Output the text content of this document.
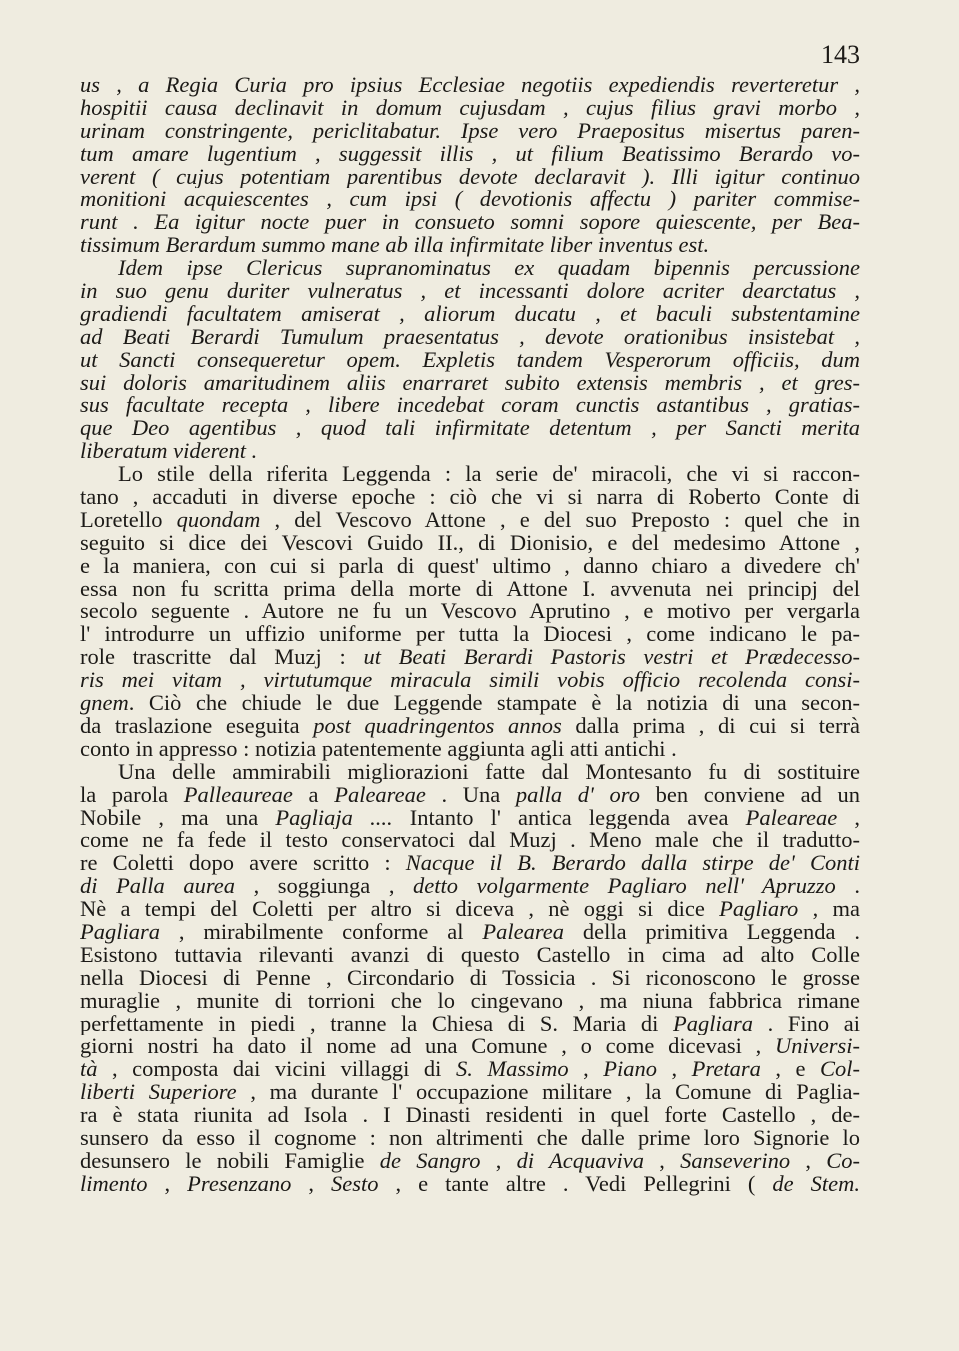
143
us , a Regia Curia pro ipsius Ecclesiae negotiis expediendis reverteretur ,
hospitii causa declinavit in domum cujusdam , cujus filius gravi morbo ,
urinam constringente, periclitabatur. Ipse vero Praepositus misertus paren-
tum amare lugentium , suggessit illis , ut filium Beatissimo Berardo vo-
verent ( cujus potentiam parentibus devote declaravit ). Illi igitur continuo
monitioni acquiescentes , cum ipsi ( devotionis affectu ) pariter commise-
runt . Ea igitur nocte puer in consueto somni sopore quiescente, per Bea-
tissimum Berardum summo mane ab illa infirmitate liber inventus est.
Idem ipse Clericus supranominatus ex quadam bipennis percussione
in suo genu duriter vulneratus , et incessanti dolore acriter dearctatus ,
gradiendi facultatem amiserat , aliorum ducatu , et baculi substentamine
ad Beati Berardi Tumulum praesentatus , devote orationibus insistebat ,
ut Sancti consequeretur opem. Expletis tandem Vesperorum officiis, dum
sui doloris amaritudinem aliis enarraret subito extensis membris , et gres-
sus facultate recepta , libere incedebat coram cunctis astantibus , gratias-
que Deo agentibus , quod tali infirmitate detentum , per Sancti merita
liberatum viderent .
Lo stile della riferita Leggenda : la serie de' miracoli, che vi si raccon-
tano , accaduti in diverse epoche : ciò che vi si narra di Roberto Conte di
Loretello quondam , del Vescovo Attone , e del suo Preposto : quel che in
seguito si dice dei Vescovi Guido II., di Dionisio, e del medesimo Attone ,
e la maniera, con cui si parla di quest' ultimo , danno chiaro a divedere ch'
essa non fu scritta prima della morte di Attone I. avvenuta nei principj del
secolo seguente . Autore ne fu un Vescovo Aprutino , e motivo per vergarla
l' introdurre un uffizio uniforme per tutta la Diocesi , come indicano le pa-
role trascritte dal Muzj : ut Beati Berardi Pastoris vestri et Prædecesso-
ris mei vitam , virtutumque miracula simili vobis officio recolenda consi-
gnem. Ciò che chiude le due Leggende stampate è la notizia di una secon-
da traslazione eseguita post quadringentos annos dalla prima , di cui si terrà
conto in appresso : notizia patentemente aggiunta agli atti antichi .
Una delle ammirabili migliorazioni fatte dal Montesanto fu di sostituire
la parola Palleaureae a Paleareae . Una palla d' oro ben conviene ad un
Nobile , ma una Pagliaja .... Intanto l' antica leggenda avea Paleareae ,
come ne fa fede il testo conservatoci dal Muzj . Meno male che il tradutto-
re Coletti dopo avere scritto : Nacque il B. Berardo dalla stirpe de' Conti
di Palla aurea , soggiunga , detto volgarmente Pagliaro nell' Apruzzo .
Nè a tempi del Coletti per altro si diceva , nè oggi si dice Pagliaro , ma
Pagliara , mirabilmente conforme al Palearea della primitiva Leggenda .
Esistono tuttavia rilevanti avanzi di questo Castello in cima ad alto Colle
nella Diocesi di Penne , Circondario di Tossicia . Si riconoscono le grosse
muraglie , munite di torrioni che lo cingevano , ma niuna fabbrica rimane
perfettamente in piedi , tranne la Chiesa di S. Maria di Pagliara . Fino ai
giorni nostri ha dato il nome ad una Comune , o come dicevasi , Universi-
tà , composta dai vicini villaggi di S. Massimo , Piano , Pretara , e Col-
liberti Superiore , ma durante l' occupazione militare , la Comune di Paglia-
ra è stata riunita ad Isola . I Dinasti residenti in quel forte Castello , de-
sunsero da esso il cognome : non altrimenti che dalle prime loro Signorie lo
desunsero le nobili Famiglie de Sangro , di Acquaviva , Sanseverino , Co-
limento , Presenzano , Sesto , e tante altre . Vedi Pellegrini ( de Stem.
